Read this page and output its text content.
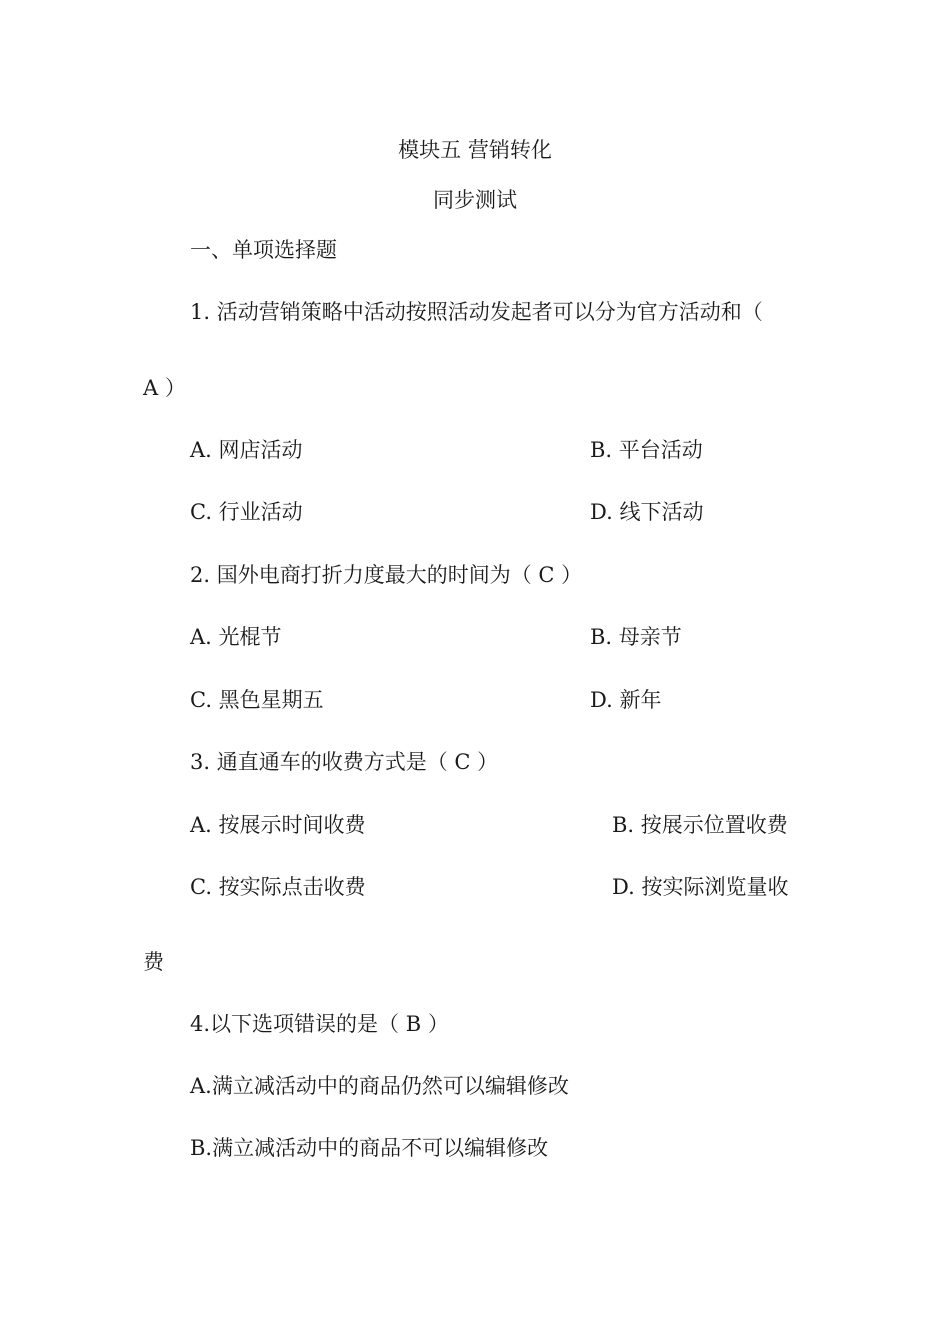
模块五 营销转化
同步测试
一、单项选择题
1. 活动营销策略中活动按照活动发起者可以分为官方活动和（
A ）
A. 网店活动	B. 平台活动
C. 行业活动	D. 线下活动
2. 国外电商打折力度最大的时间为（ C ）
A. 光棍节	B. 母亲节
C. 黑色星期五	D. 新年
3. 通直通车的收费方式是（ C ）
A. 按展示时间收费	B. 按展示位置收费
C. 按实际点击收费	D. 按实际浏览量收
费
4.以下选项错误的是（ B ）
A.满立减活动中的商品仍然可以编辑修改
B.满立减活动中的商品不可以编辑修改
